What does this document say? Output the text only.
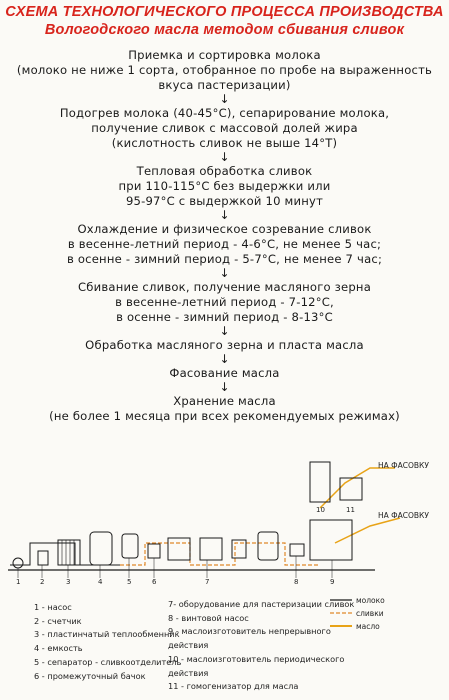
СХЕМА ТЕХНОЛОГИЧЕСКОГО ПРОЦЕССА ПРОИЗВОДСТВА
Вологодского масла методом сбивания сливок
Приемка и сортировка молока
(молоко не ниже 1 сорта, отобранное по пробе на выраженность
вкуса пастеризации)
↓
Подогрев молока (40-45°С), сепарирование молока,
получение сливок с массовой долей жира
(кислотность сливок не выше 14°Т)
↓
Тепловая обработка сливок
при 110-115°С без выдержки или
95-97°С с выдержкой 10 минут
↓
Охлаждение и физическое созревание сливок
в весенне-летний период - 4-6°С, не менее 5 час;
в осенне - зимний период - 5-7°С, не менее 7 час;
↓
Сбивание сливок, получение масляного зерна
в весенне-летний период - 7-12°С,
в осенне - зимний период - 8-13°С
↓
Обработка масляного зерна и пласта масла
↓
Фасование масла
↓
Хранение масла
(не более 1 месяца при всех рекомендуемых режимах)
НА ФАСОВКУ
НА ФАСОВКУ
1	2	3	4	5	6	7	8	9
10	11
молоко
сливки
масло
1 - насос
2 - счетчик
3 - пластинчатый теплообменник
4 - емкость
5 - сепаратор - сливкоотделитель
6 - промежуточный бачок
7- оборудование для пастеризации сливок
8 - винтовой насос
9 - маслоизготовитель непрерывного действия
10 - маслоизготовитель периодического действия
11 - гомогенизатор для масла
